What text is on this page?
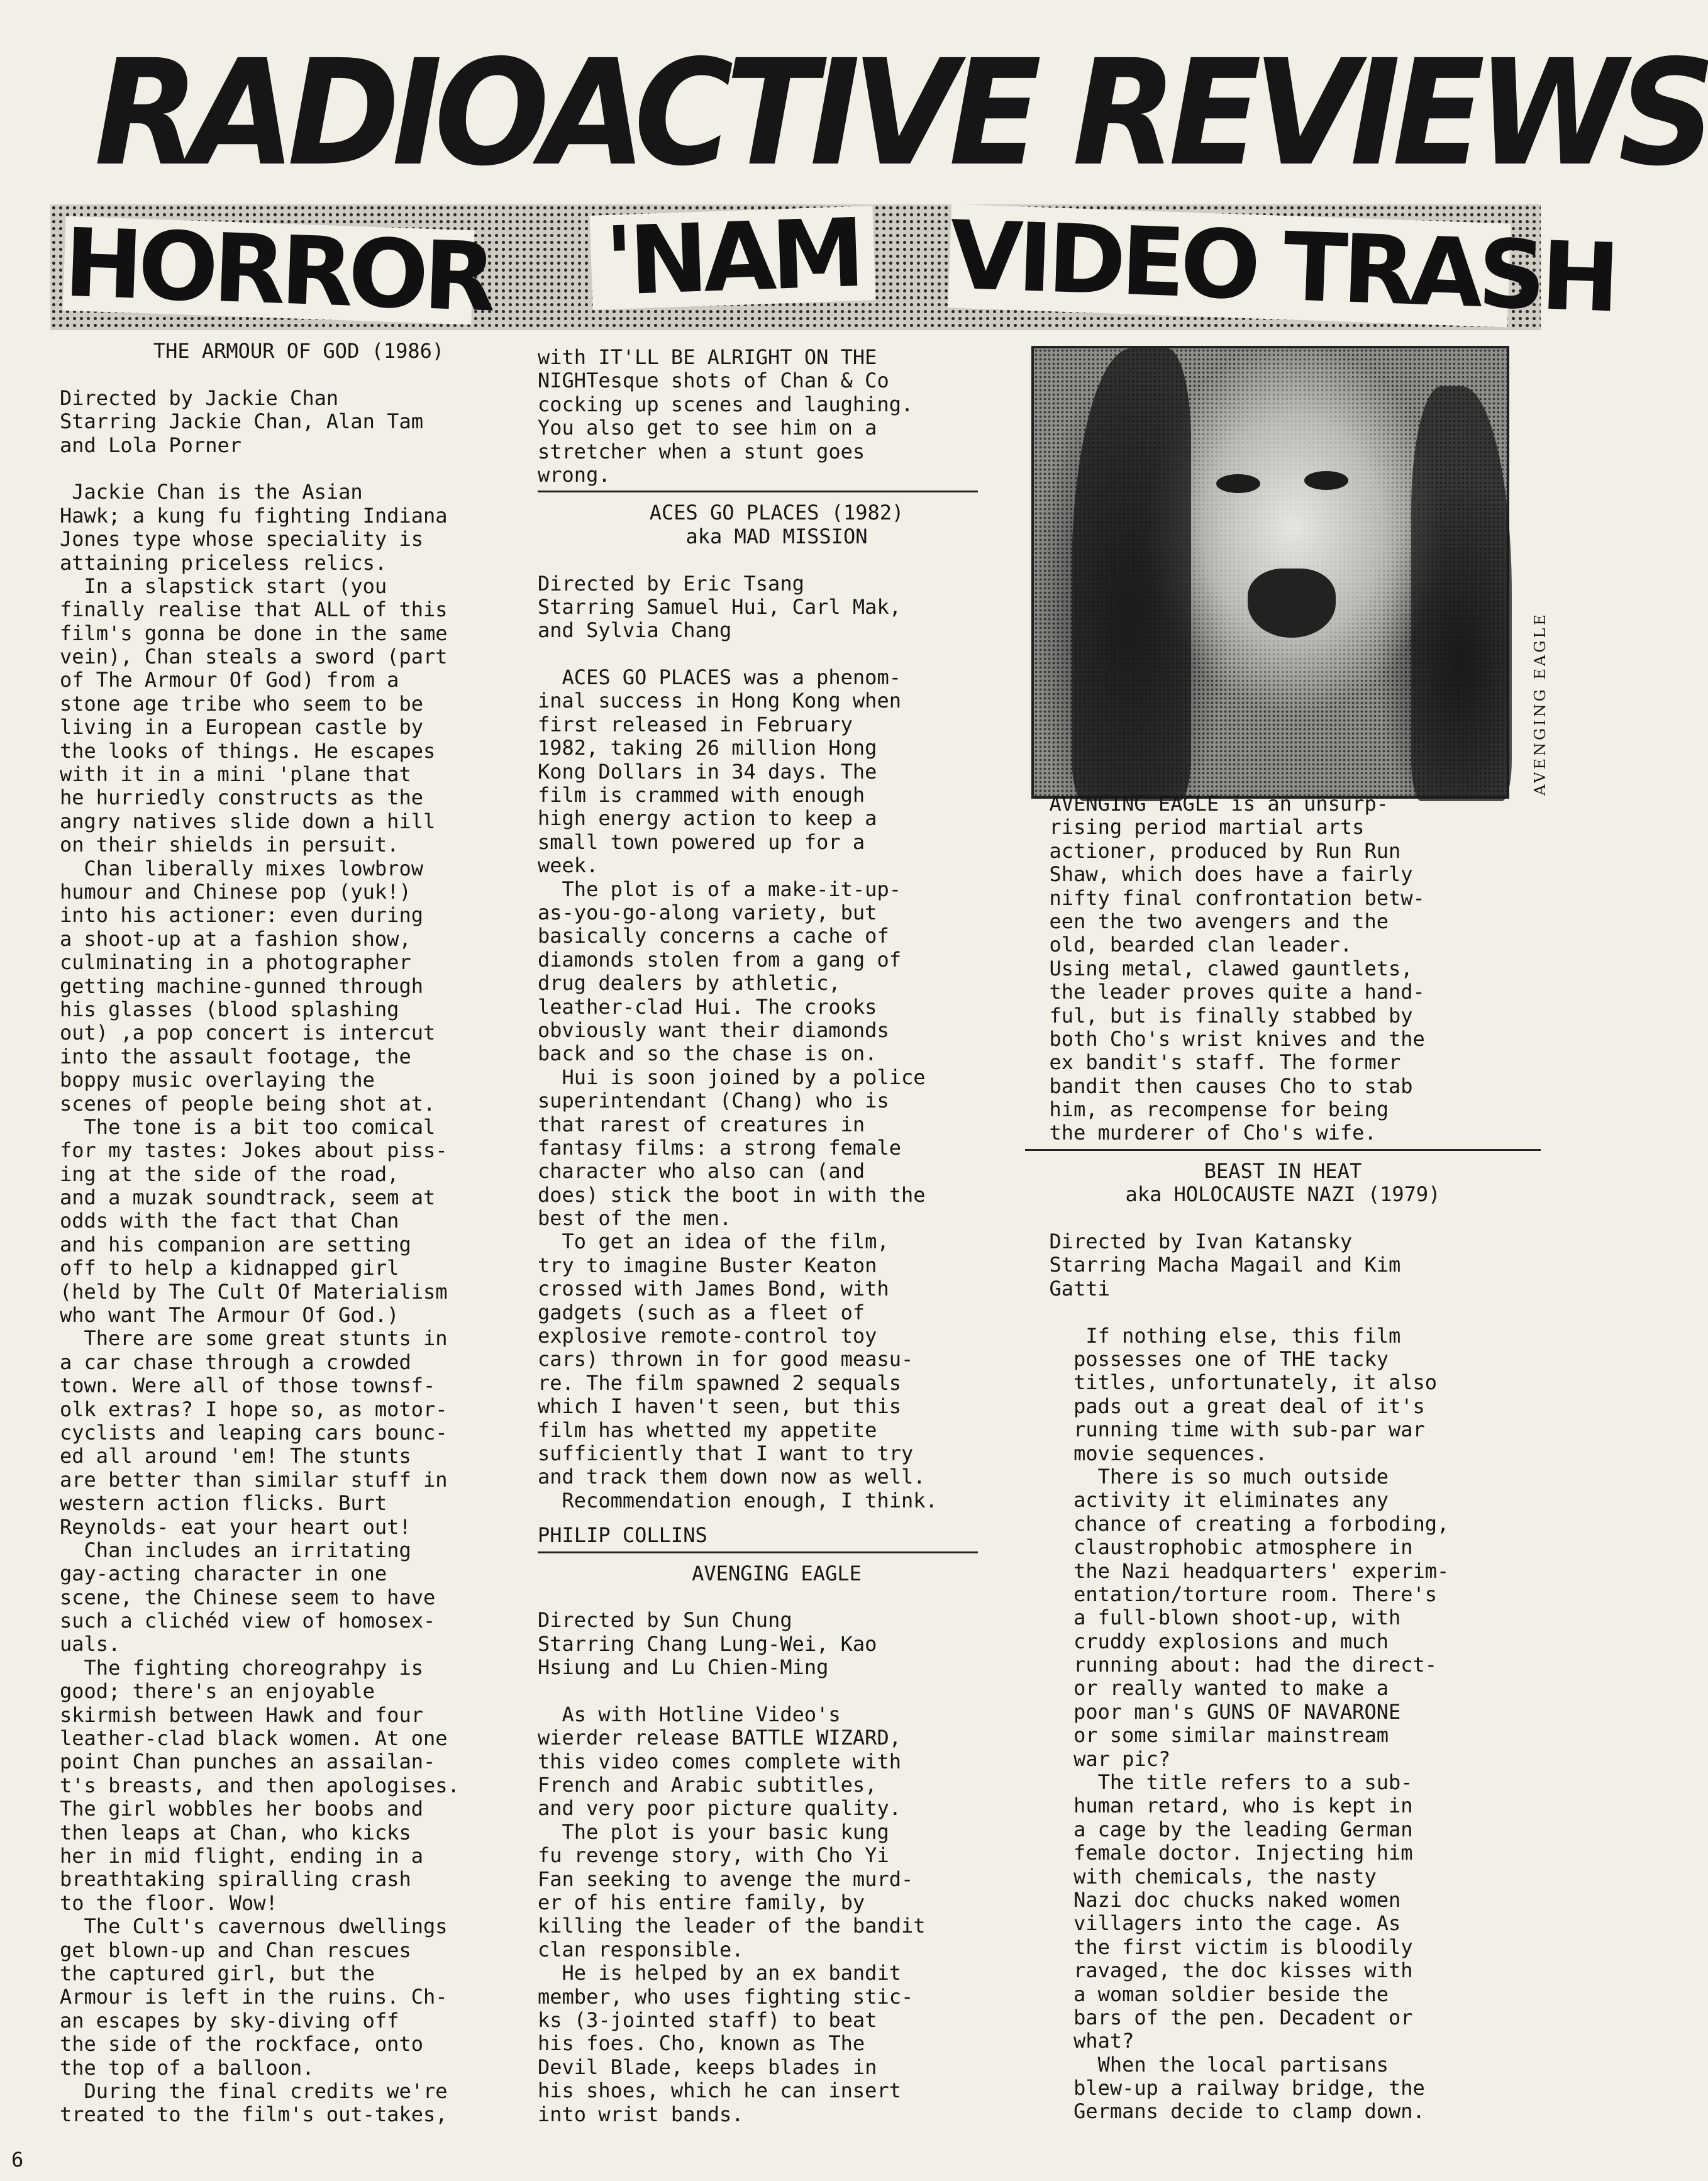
RADIOACTIVE REVIEWS
HORROR 'NAM VIDEO TRASH
THE ARMOUR OF GOD (1986)
Directed by Jackie Chan
Starring Jackie Chan, Alan Tam
and Lola Porner
Jackie Chan is the Asian
Hawk; a kung fu fighting Indiana
Jones type whose speciality is
attaining priceless relics.
In a slapstick start (you
finally realise that ALL of this
film's gonna be done in the same
vein), Chan steals a sword (part
of The Armour Of God) from a
stone age tribe who seem to be
living in a European castle by
the looks of things. He escapes
with it in a mini 'plane that
he hurriedly constructs as the
angry natives slide down a hill
on their shields in persuit.
Chan liberally mixes lowbrow
humour and Chinese pop (yuk!)
into his actioner: even during
a shoot-up at a fashion show,
culminating in a photographer
getting machine-gunned through
his glasses (blood splashing
out) ,a pop concert is intercut
into the assault footage, the
boppy music overlaying the
scenes of people being shot at.
The tone is a bit too comical
for my tastes: Jokes about piss-
ing at the side of the road,
and a muzak soundtrack, seem at
odds with the fact that Chan
and his companion are setting
off to help a kidnapped girl
(held by The Cult Of Materialism
who want The Armour Of God.)
There are some great stunts in
a car chase through a crowded
town. Were all of those townsf-
olk extras? I hope so, as motor-
cyclists and leaping cars bounc-
ed all around 'em! The stunts
are better than similar stuff in
western action flicks. Burt
Reynolds- eat your heart out!
Chan includes an irritating
gay-acting character in one
scene, the Chinese seem to have
such a clichéd view of homosex-
uals.
The fighting choreograhpy is
good; there's an enjoyable
skirmish between Hawk and four
leather-clad black women. At one
point Chan punches an assailan-
t's breasts, and then apologises.
The girl wobbles her boobs and
then leaps at Chan, who kicks
her in mid flight, ending in a
breathtaking spiralling crash
to the floor. Wow!
The Cult's cavernous dwellings
get blown-up and Chan rescues
the captured girl, but the
Armour is left in the ruins. Ch-
an escapes by sky-diving off
the side of the rockface, onto
the top of a balloon.
During the final credits we're
treated to the film's out-takes,
with IT'LL BE ALRIGHT ON THE
NIGHTesque shots of Chan & Co
cocking up scenes and laughing.
You also get to see him on a
stretcher when a stunt goes
wrong.
ACES GO PLACES (1982)
aka MAD MISSION
Directed by Eric Tsang
Starring Samuel Hui, Carl Mak,
and Sylvia Chang
ACES GO PLACES was a phenom-
inal success in Hong Kong when
first released in February
1982, taking 26 million Hong
Kong Dollars in 34 days. The
film is crammed with enough
high energy action to keep a
small town powered up for a
week.
The plot is of a make-it-up-
as-you-go-along variety, but
basically concerns a cache of
diamonds stolen from a gang of
drug dealers by athletic,
leather-clad Hui. The crooks
obviously want their diamonds
back and so the chase is on.
Hui is soon joined by a police
superintendant (Chang) who is
that rarest of creatures in
fantasy films: a strong female
character who also can (and
does) stick the boot in with the
best of the men.
To get an idea of the film,
try to imagine Buster Keaton
crossed with James Bond, with
gadgets (such as a fleet of
explosive remote-control toy
cars) thrown in for good measu-
re. The film spawned 2 sequals
which I haven't seen, but this
film has whetted my appetite
sufficiently that I want to try
and track them down now as well.
Recommendation enough, I think.
PHILIP COLLINS
AVENGING EAGLE
Directed by Sun Chung
Starring Chang Lung-Wei, Kao
Hsiung and Lu Chien-Ming
As with Hotline Video's
wierder release BATTLE WIZARD,
this video comes complete with
French and Arabic subtitles,
and very poor picture quality.
The plot is your basic kung
fu revenge story, with Cho Yi
Fan seeking to avenge the murd-
er of his entire family, by
killing the leader of the bandit
clan responsible.
He is helped by an ex bandit
member, who uses fighting stic-
ks (3-jointed staff) to beat
his foes. Cho, known as The
Devil Blade, keeps blades in
his shoes, which he can insert
into wrist bands.
AVENGING EAGLE
AVENGING EAGLE is an unsurp-
rising period martial arts
actioner, produced by Run Run
Shaw, which does have a fairly
nifty final confrontation betw-
een the two avengers and the
old, bearded clan leader.
Using metal, clawed gauntlets,
the leader proves quite a hand-
ful, but is finally stabbed by
both Cho's wrist knives and the
ex bandit's staff. The former
bandit then causes Cho to stab
him, as recompense for being
the murderer of Cho's wife.
BEAST IN HEAT
aka HOLOCAUSTE NAZI (1979)
Directed by Ivan Katansky
Starring Macha Magail and Kim
Gatti
If nothing else, this film
possesses one of THE tacky
titles, unfortunately, it also
pads out a great deal of it's
running time with sub-par war
movie sequences.
There is so much outside
activity it eliminates any
chance of creating a forboding,
claustrophobic atmosphere in
the Nazi headquarters' experim-
entation/torture room. There's
a full-blown shoot-up, with
cruddy explosions and much
running about: had the direct-
or really wanted to make a
poor man's GUNS OF NAVARONE
or some similar mainstream
war pic?
The title refers to a sub-
human retard, who is kept in
a cage by the leading German
female doctor. Injecting him
with chemicals, the nasty
Nazi doc chucks naked women
villagers into the cage. As
the first victim is bloodily
ravaged, the doc kisses with
a woman soldier beside the
bars of the pen. Decadent or
what?
When the local partisans
blew-up a railway bridge, the
Germans decide to clamp down.
6
